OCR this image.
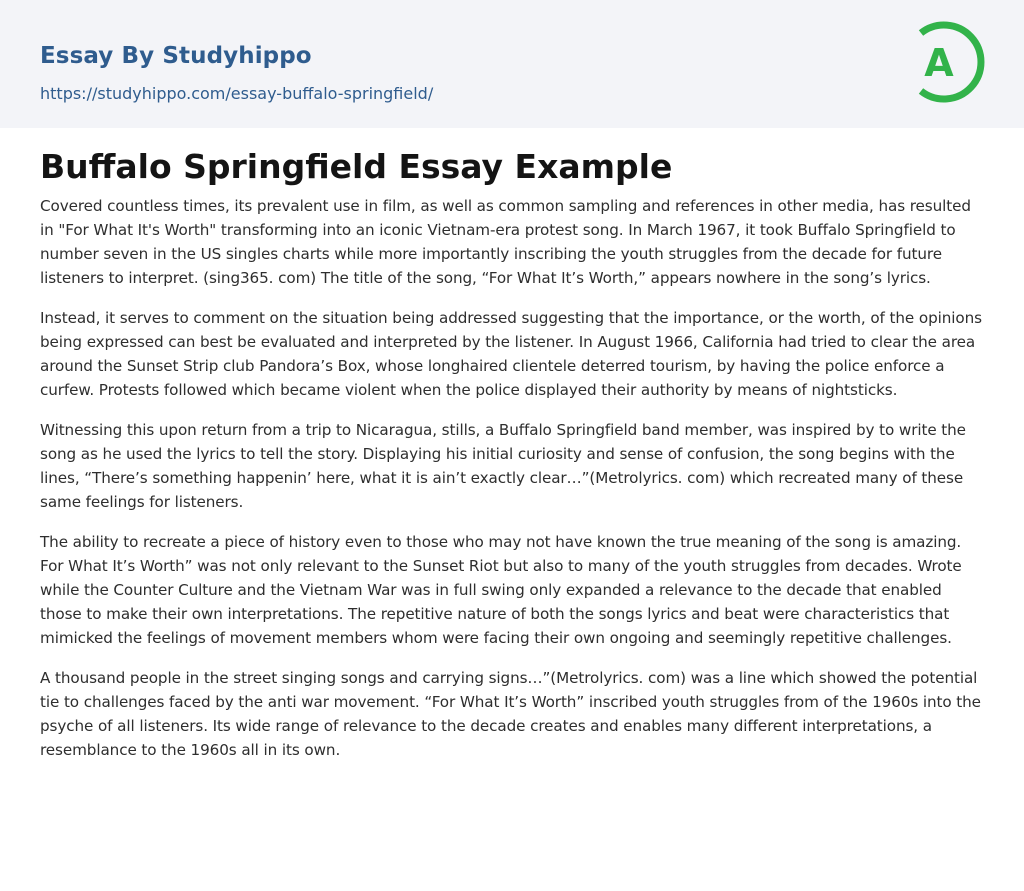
Essay By Studyhippo
https://studyhippo.com/essay-buffalo-springfield/
A
Buffalo Springfield Essay Example

Covered countless times, its prevalent use in film, as well as common sampling and references in other media, has resulted in "For What It's Worth" transforming into an iconic Vietnam-era protest song. In March 1967, it took Buffalo Springfield to number seven in the US singles charts while more importantly inscribing the youth struggles from the decade for future listeners to interpret. (sing365. com) The title of the song, “For What It’s Worth,” appears nowhere in the song’s lyrics.

Instead, it serves to comment on the situation being addressed suggesting that the importance, or the worth, of the opinions being expressed can best be evaluated and interpreted by the listener. In August 1966, California had tried to clear the area around the Sunset Strip club Pandora’s Box, whose longhaired clientele deterred tourism, by having the police enforce a curfew. Protests followed which became violent when the police displayed their authority by means of nightsticks.

Witnessing this upon return from a trip to Nicaragua, stills, a Buffalo Springfield band member, was inspired by to write the song as he used the lyrics to tell the story. Displaying his initial curiosity and sense of confusion, the song begins with the lines, “There’s something happenin’ here, what it is ain’t exactly clear…”(Metrolyrics. com) which recreated many of these same feelings for listeners.

The ability to recreate a piece of history even to those who may not have known the true meaning of the song is amazing. For What It’s Worth” was not only relevant to the Sunset Riot but also to many of the youth struggles from decades. Wrote while the Counter Culture and the Vietnam War was in full swing only expanded a relevance to the decade that enabled those to make their own interpretations. The repetitive nature of both the songs lyrics and beat were characteristics that mimicked the feelings of movement members whom were facing their own ongoing and seemingly repetitive challenges.

A thousand people in the street singing songs and carrying signs…”(Metrolyrics. com) was a line which showed the potential tie to challenges faced by the anti war movement. “For What It’s Worth” inscribed youth struggles from of the 1960s into the psyche of all listeners. Its wide range of relevance to the decade creates and enables many different interpretations, a resemblance to the 1960s all in its own.
